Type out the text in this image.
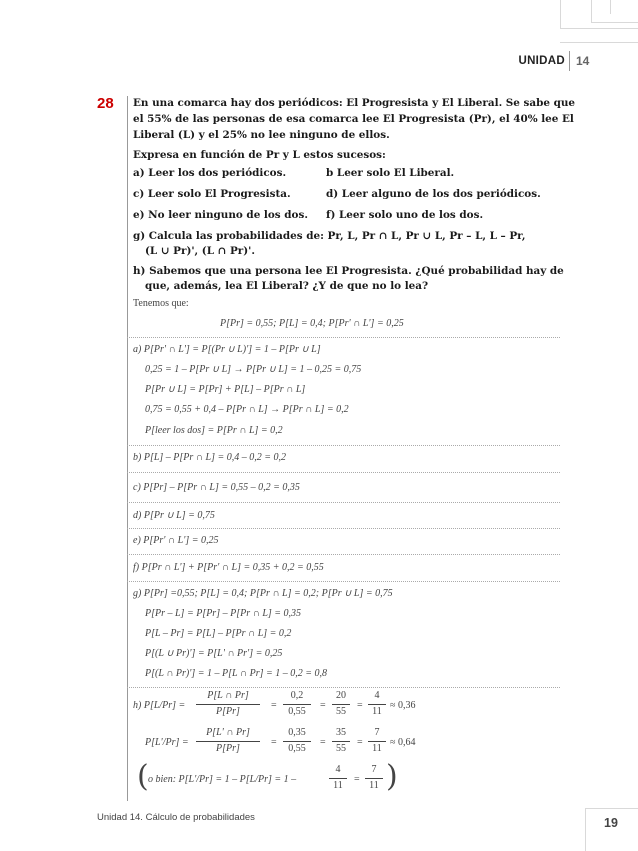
UNIDAD 14
28 En una comarca hay dos periódicos: El Progresista y El Liberal. Se sabe que
el 55% de las personas de esa comarca lee El Progresista (Pr), el 40% lee El
Liberal (L) y el 25% no lee ninguno de ellos.
Expresa en función de Pr y L estos sucesos:
a) Leer los dos periódicos.	b Leer solo El Liberal.
c) Leer solo El Progresista.	d) Leer alguno de los dos periódicos.
e) No leer ninguno de los dos. f) Leer solo uno de los dos.
g) Calcula las probabilidades de: Pr, L, Pr ∩ L, Pr ∪ L, Pr – L, L – Pr,
(L ∪ Pr)', (L ∩ Pr)'.
h) Sabemos que una persona lee El Progresista. ¿Qué probabilidad hay de
que, además, lea El Liberal? ¿Y de que no lo lea?
Tenemos que:
P[Pr] = 0,55; P[L] = 0,4; P[Pr' ∩ L'] = 0,25
a) P[Pr' ∩ L'] = P[(Pr ∪ L)'] = 1 – P[Pr ∪ L]
0,25 = 1 – P[Pr ∪ L] → P[Pr ∪ L] = 1 – 0,25 = 0,75
P[Pr ∪ L] = P[Pr] + P[L] – P[Pr ∩ L]
0,75 = 0,55 + 0,4 – P[Pr ∩ L] → P[Pr ∩ L] = 0,2
P[leer los dos] = P[Pr ∩ L] = 0,2
b) P[L] – P[Pr ∩ L] = 0,4 – 0,2 = 0,2
c) P[Pr] – P[Pr ∩ L] = 0,55 – 0,2 = 0,35
d) P[Pr ∪ L] = 0,75
e) P[Pr' ∩ L'] = 0,25
f) P[Pr ∩ L'] + P[Pr' ∩ L] = 0,35 + 0,2 = 0,55
g) P[Pr] =0,55; P[L] = 0,4; P[Pr ∩ L] = 0,2; P[Pr ∪ L] = 0,75
P[Pr – L] = P[Pr] – P[Pr ∩ L] = 0,35
P[L – Pr] = P[L] – P[Pr ∩ L] = 0,2
P[(L ∪ Pr)'] = P[L' ∩ Pr'] = 0,25
P[(L ∩ Pr)'] = 1 – P[L ∩ Pr] = 1 – 0,2 = 0,8
h) P[L/Pr] =
P[L ∩ Pr]
P[Pr]
=
0,2
0,55
=
20
55
=
4
11
≈ 0,36
P[L'/Pr] =
P[L' ∩ Pr]
P[Pr]
=
0,35
0,55
=
35
55
=
7
11
≈ 0,64
( o bien: P[L'/Pr] = 1 – P[L/Pr] = 1 –
4
11
=
7
11 )
Unidad 14. Cálculo de probabilidades	19
